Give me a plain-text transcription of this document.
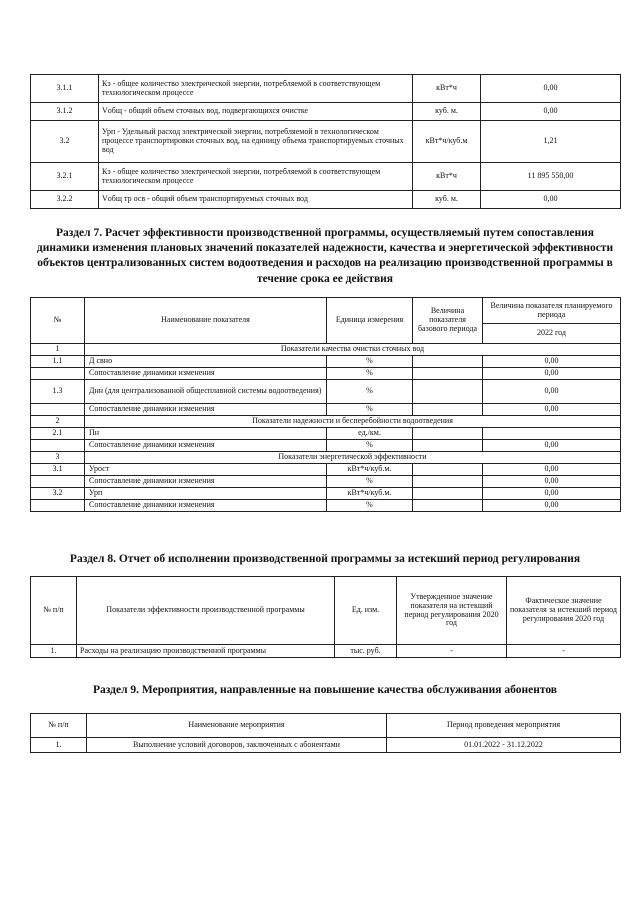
3.1.1	Кэ - общее количество электрической энергии, потребляемой в соответствующем технологическом процессе	кВт*ч	0,00
3.1.2	Vобщ - общий объем сточных вод, подвергающихся очистке	куб. м.	0,00
3.2	Урп - Удельный расход электрической энергии, потребляемой в технологическом процессе транспортировки сточных вод, на единицу объема транспортируемых сточных вод	кВт*ч/куб.м	1,21
3.2.1	Кэ - общее количество электрической энергии, потребляемой в соответствующем технологическом процессе	кВт*ч	11 895 550,00
3.2.2	Vобщ тр осв - общий объем транспортируемых сточных вод	куб. м.	0,00

Раздел 7. Расчет эффективности производственной программы, осуществляемый путем сопоставления динамики изменения плановых значений показателей надежности, качества и энергетической эффективности объектов централизованных систем водоотведения и расходов на реализацию производственной программы в течение срока ее действия

№	Наименование показателя	Единица измерения	Величина показателя базового периода	Величина показателя планируемого периода
				2022 год
1	Показатели качества очистки сточных вод			
1.1	Д свно	%		0,00
	Сопоставление динамики изменения	%		0,00
1.3	Днн (для централизованной общесплавной системы водоотведения)	%		0,00
	Сопоставление динамики изменения	%		0,00
2	Показатели надежности и бесперебойности водоотведения			
2.1	Пн	ед./км.		
	Сопоставление динамики изменения	%		0,00
3	Показатели энергетической эффективности			
3.1	Урост	кВт*ч/куб.м.		0,00
	Сопоставление динамики изменения	%		0,00
3.2	Урп	кВт*ч/куб.м.		0,00
	Сопоставление динамики изменения	%		0,00

Раздел 8. Отчет об исполнении производственной программы за истекший период регулирования

№ п/п	Показатели эффективности производственной программы	Ед. изм.	Утвержденное значение показателя на истекший период регулирования 2020 год	Фактическое значение показателя за истекший период регулирования 2020 год
1.	Расходы на реализацию производственной программы	тыс. руб.	-	-

Раздел 9. Мероприятия, направленные на повышение качества обслуживания абонентов

№ п/п	Наименование мероприятия	Период проведения мероприятия
1.	Выполнение условий договоров, заключенных с абонентами	01.01.2022 - 31.12.2022
